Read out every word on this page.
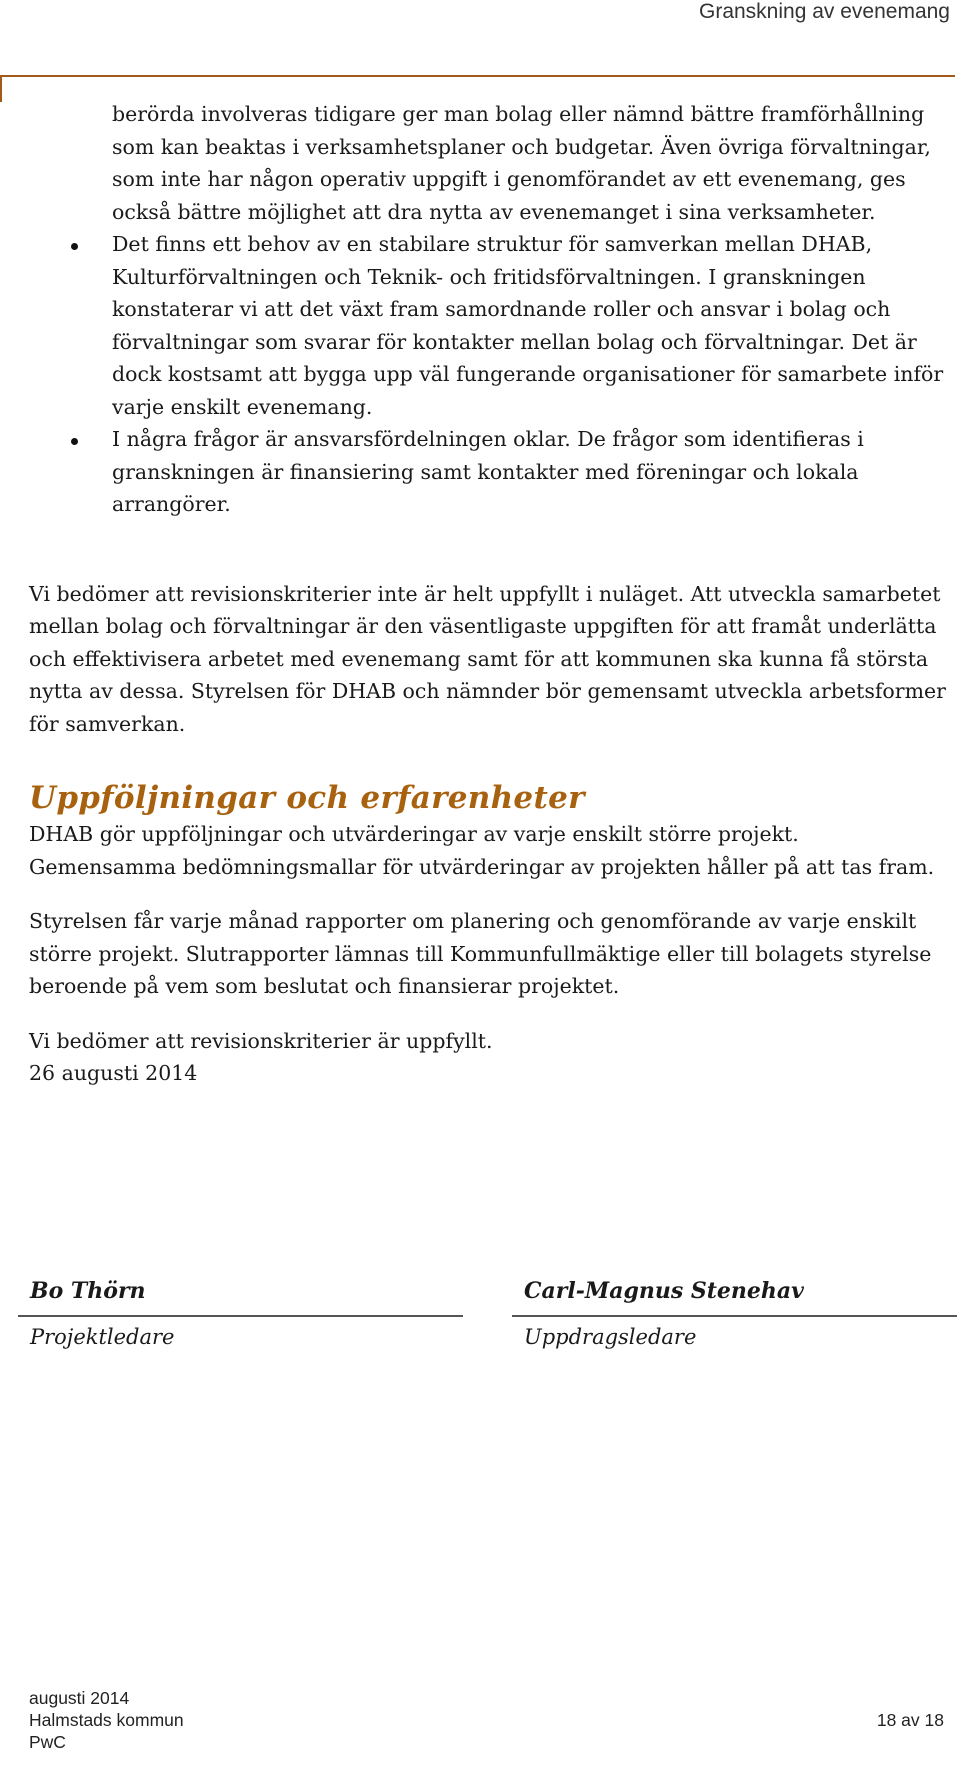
Granskning av evenemang

berörda involveras tidigare ger man bolag eller nämnd bättre framförhållning som kan beaktas i verksamhetsplaner och budgetar. Även övriga förvaltningar, som inte har någon operativ uppgift i genomförandet av ett evenemang, ges också bättre möjlighet att dra nytta av evenemanget i sina verksamheter.

Det finns ett behov av en stabilare struktur för samverkan mellan DHAB, Kulturförvaltningen och Teknik- och fritidsförvaltningen. I granskningen konstaterar vi att det växt fram samordnande roller och ansvar i bolag och förvaltningar som svarar för kontakter mellan bolag och förvaltningar. Det är dock kostsamt att bygga upp väl fungerande organisationer för samarbete inför varje enskilt evenemang.
I några frågor är ansvarsfördelningen oklar. De frågor som identifieras i granskningen är finansiering samt kontakter med föreningar och lokala arrangörer.

Vi bedömer att revisionskriterier inte är helt uppfyllt i nuläget. Att utveckla samarbetet mellan bolag och förvaltningar är den väsentligaste uppgiften för att framåt underlätta och effektivisera arbetet med evenemang samt för att kommunen ska kunna få största nytta av dessa. Styrelsen för DHAB och nämnder bör gemensamt utveckla arbetsformer för samverkan.

Uppföljningar och erfarenheter

DHAB gör uppföljningar och utvärderingar av varje enskilt större projekt. Gemensamma bedömningsmallar för utvärderingar av projekten håller på att tas fram.

Styrelsen får varje månad rapporter om planering och genomförande av varje enskilt större projekt. Slutrapporter lämnas till Kommunfullmäktige eller till bolagets styrelse beroende på vem som beslutat och finansierar projektet.

Vi bedömer att revisionskriterier är uppfyllt.

26 augusti 2014

Bo Thörn
Projektledare
Carl-Magnus Stenehav
Uppdragsledare
augusti 2014
Halmstads kommun	18 av 18
PwC
